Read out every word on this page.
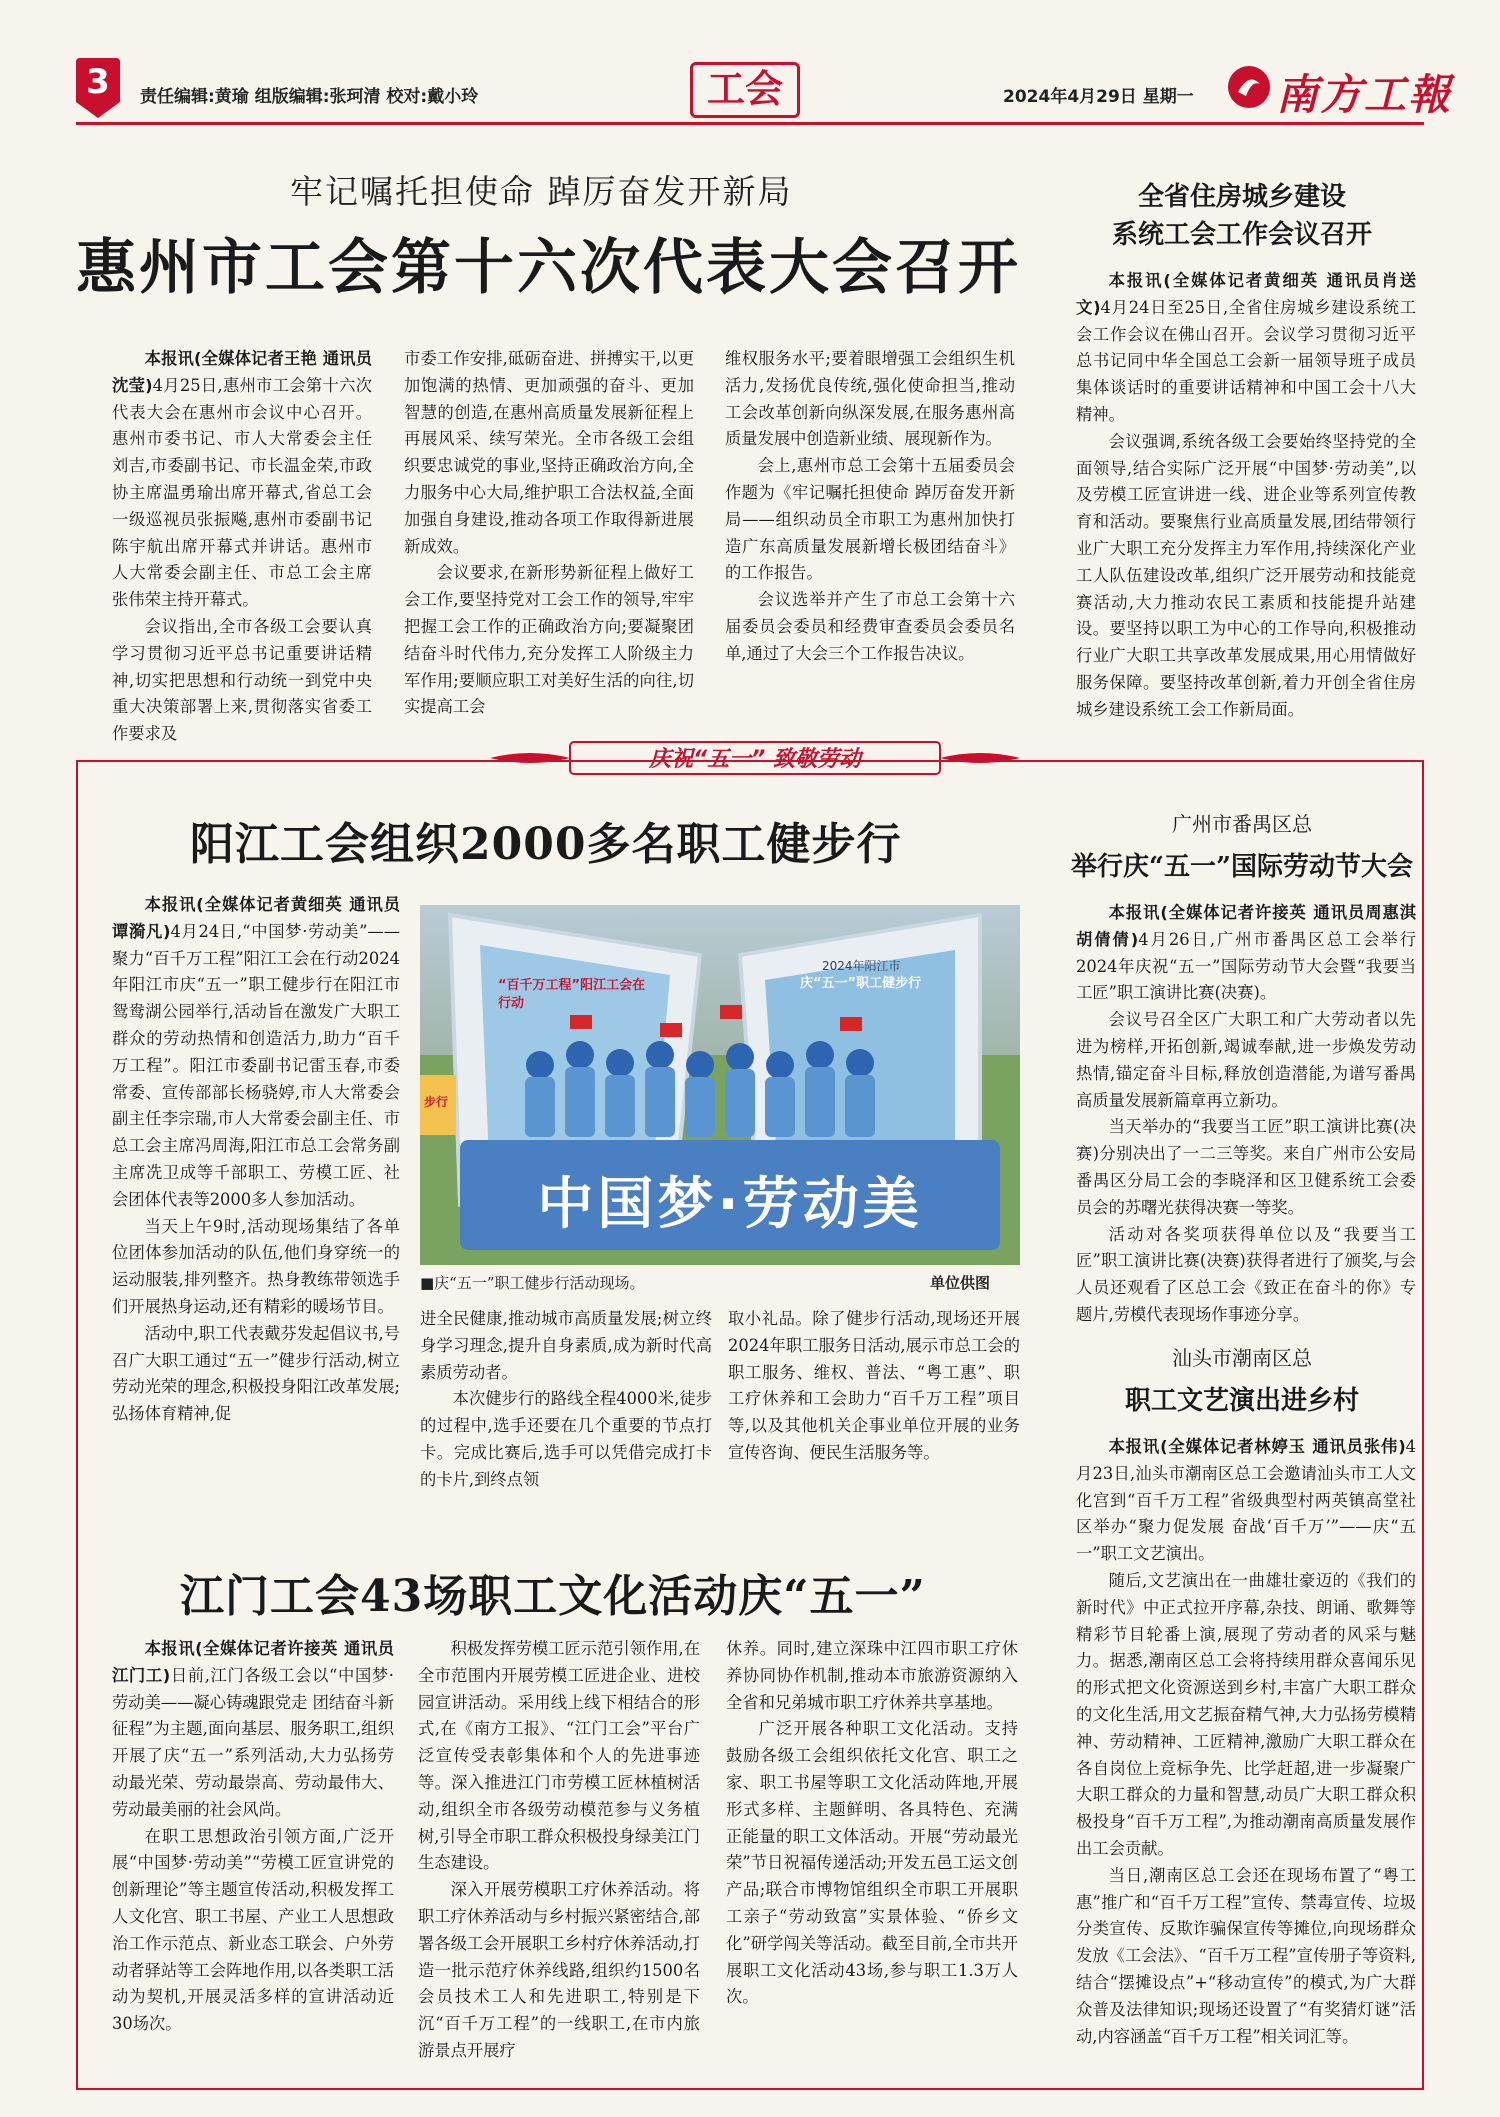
3	责任编辑:黄瑜 组版编辑:张珂清 校对:戴小玲	工会	2024年4月29日 星期一 南方工報
牢记嘱托担使命 踔厉奋发开新局
惠州市工会第十六次代表大会召开

本报讯(全媒体记者王艳 通讯员沈莹)4月25日,惠州市工会第十六次代表大会在惠州市会议中心召开。惠州市委书记、市人大常委会主任刘吉,市委副书记、市长温金荣,市政协主席温勇瑜出席开幕式,省总工会一级巡视员张振飚,惠州市委副书记陈宇航出席开幕式并讲话。惠州市人大常委会副主任、市总工会主席张伟荣主持开幕式。

会议指出,全市各级工会要认真学习贯彻习近平总书记重要讲话精神,切实把思想和行动统一到党中央重大决策部署上来,贯彻落实省委工作要求及

市委工作安排,砥砺奋进、拼搏实干,以更加饱满的热情、更加顽强的奋斗、更加智慧的创造,在惠州高质量发展新征程上再展风采、续写荣光。全市各级工会组织要忠诚党的事业,坚持正确政治方向,全力服务中心大局,维护职工合法权益,全面加强自身建设,推动各项工作取得新进展新成效。

会议要求,在新形势新征程上做好工会工作,要坚持党对工会工作的领导,牢牢把握工会工作的正确政治方向;要凝聚团结奋斗时代伟力,充分发挥工人阶级主力军作用;要顺应职工对美好生活的向往,切实提高工会

维权服务水平;要着眼增强工会组织生机活力,发扬优良传统,强化使命担当,推动工会改革创新向纵深发展,在服务惠州高质量发展中创造新业绩、展现新作为。

会上,惠州市总工会第十五届委员会作题为《牢记嘱托担使命 踔厉奋发开新局——组织动员全市职工为惠州加快打造广东高质量发展新增长极团结奋斗》的工作报告。

会议选举并产生了市总工会第十六届委员会委员和经费审查委员会委员名单,通过了大会三个工作报告决议。

全省住房城乡建设
系统工会工作会议召开

本报讯(全媒体记者黄细英 通讯员肖送文)4月24日至25日,全省住房城乡建设系统工会工作会议在佛山召开。会议学习贯彻习近平总书记同中华全国总工会新一届领导班子成员集体谈话时的重要讲话精神和中国工会十八大精神。

会议强调,系统各级工会要始终坚持党的全面领导,结合实际广泛开展“中国梦·劳动美”,以及劳模工匠宣讲进一线、进企业等系列宣传教育和活动。要聚焦行业高质量发展,团结带领行业广大职工充分发挥主力军作用,持续深化产业工人队伍建设改革,组织广泛开展劳动和技能竞赛活动,大力推动农民工素质和技能提升站建设。要坚持以职工为中心的工作导向,积极推动行业广大职工共享改革发展成果,用心用情做好服务保障。要坚持改革创新,着力开创全省住房城乡建设系统工会工作新局面。

庆祝“五一” 致敬劳动
阳江工会组织2000多名职工健步行

本报讯(全媒体记者黄细英 通讯员谭漪凡)4月24日,“中国梦·劳动美”——聚力“百千万工程”阳江工会在行动2024年阳江市庆“五一”职工健步行在阳江市鸳鸯湖公园举行,活动旨在激发广大职工群众的劳动热情和创造活力,助力“百千万工程”。阳江市委副书记雷玉春,市委常委、宣传部部长杨骁婷,市人大常委会副主任李宗瑞,市人大常委会副主任、市总工会主席冯周海,阳江市总工会常务副主席冼卫成等千部职工、劳模工匠、社会团体代表等2000多人参加活动。

当天上午9时,活动现场集结了各单位团体参加活动的队伍,他们身穿统一的运动服装,排列整齐。热身教练带领选手们开展热身运动,还有精彩的暖场节目。

活动中,职工代表戴芬发起倡议书,号召广大职工通过“五一”健步行活动,树立劳动光荣的理念,积极投身阳江改革发展;弘扬体育精神,促

“百千万工程”阳江工会在行动
2024年阳江市
庆“五一”职工健步行
步行
中国梦·劳动美
■庆“五一”职工健步行活动现场。	单位供图

进全民健康,推动城市高质量发展;树立终身学习理念,提升自身素质,成为新时代高素质劳动者。

本次健步行的路线全程4000米,徒步的过程中,选手还要在几个重要的节点打卡。完成比赛后,选手可以凭借完成打卡的卡片,到终点领

取小礼品。除了健步行活动,现场还开展2024年职工服务日活动,展示市总工会的职工服务、维权、普法、“粤工惠”、职工疗休养和工会助力“百千万工程”项目等,以及其他机关企事业单位开展的业务宣传咨询、便民生活服务等。

江门工会43场职工文化活动庆“五一”

本报讯(全媒体记者许接英 通讯员江门工)日前,江门各级工会以“中国梦·劳动美——凝心铸魂跟党走 团结奋斗新征程”为主题,面向基层、服务职工,组织开展了庆“五一”系列活动,大力弘扬劳动最光荣、劳动最崇高、劳动最伟大、劳动最美丽的社会风尚。

在职工思想政治引领方面,广泛开展“中国梦·劳动美”“劳模工匠宣讲党的创新理论”等主题宣传活动,积极发挥工人文化宫、职工书屋、产业工人思想政治工作示范点、新业态工联会、户外劳动者驿站等工会阵地作用,以各类职工活动为契机,开展灵活多样的宣讲活动近30场次。

积极发挥劳模工匠示范引领作用,在全市范围内开展劳模工匠进企业、进校园宣讲活动。采用线上线下相结合的形式,在《南方工报》、“江门工会”平台广泛宣传受表彰集体和个人的先进事迹等。深入推进江门市劳模工匠林植树活动,组织全市各级劳动模范参与义务植树,引导全市职工群众积极投身绿美江门生态建设。

深入开展劳模职工疗休养活动。将职工疗休养活动与乡村振兴紧密结合,部署各级工会开展职工乡村疗休养活动,打造一批示范疗休养线路,组织约1500名会员技术工人和先进职工,特别是下沉“百千万工程”的一线职工,在市内旅游景点开展疗

休养。同时,建立深珠中江四市职工疗休养协同协作机制,推动本市旅游资源纳入全省和兄弟城市职工疗休养共享基地。

广泛开展各种职工文化活动。支持鼓励各级工会组织依托文化宫、职工之家、职工书屋等职工文化活动阵地,开展形式多样、主题鲜明、各具特色、充满正能量的职工文体活动。开展“劳动最光荣”节日祝福传递活动;开发五邑工运文创产品;联合市博物馆组织全市职工开展职工亲子“劳动致富”实景体验、“侨乡文化”研学闯关等活动。截至目前,全市共开展职工文化活动43场,参与职工1.3万人次。

广州市番禺区总
举行庆“五一”国际劳动节大会

本报讯(全媒体记者许接英 通讯员周惠淇 胡倩倩)4月26日,广州市番禺区总工会举行2024年庆祝“五一”国际劳动节大会暨“我要当工匠”职工演讲比赛(决赛)。

会议号召全区广大职工和广大劳动者以先进为榜样,开拓创新,竭诚奉献,进一步焕发劳动热情,锚定奋斗目标,释放创造潜能,为谱写番禺高质量发展新篇章再立新功。

当天举办的“我要当工匠”职工演讲比赛(决赛)分别决出了一二三等奖。来自广州市公安局番禺区分局工会的李晓泽和区卫健系统工会委员会的苏曙光获得决赛一等奖。

活动对各奖项获得单位以及“我要当工匠”职工演讲比赛(决赛)获得者进行了颁奖,与会人员还观看了区总工会《致正在奋斗的你》专题片,劳模代表现场作事迹分享。

汕头市潮南区总
职工文艺演出进乡村

本报讯(全媒体记者林婷玉 通讯员张伟)4月23日,汕头市潮南区总工会邀请汕头市工人文化宫到“百千万工程”省级典型村两英镇高堂社区举办“聚力促发展 奋战‘百千万’”——庆“五一”职工文艺演出。

随后,文艺演出在一曲雄壮豪迈的《我们的新时代》中正式拉开序幕,杂技、朗诵、歌舞等精彩节目轮番上演,展现了劳动者的风采与魅力。据悉,潮南区总工会将持续用群众喜闻乐见的形式把文化资源送到乡村,丰富广大职工群众的文化生活,用文艺振奋精气神,大力弘扬劳模精神、劳动精神、工匠精神,激励广大职工群众在各自岗位上竞标争先、比学赶超,进一步凝聚广大职工群众的力量和智慧,动员广大职工群众积极投身“百千万工程”,为推动潮南高质量发展作出工会贡献。

当日,潮南区总工会还在现场布置了“粤工惠”推广和“百千万工程”宣传、禁毒宣传、垃圾分类宣传、反欺诈骗保宣传等摊位,向现场群众发放《工会法》、“百千万工程”宣传册子等资料,结合“摆摊设点”+“移动宣传”的模式,为广大群众普及法律知识;现场还设置了“有奖猜灯谜”活动,内容涵盖“百千万工程”相关词汇等。
